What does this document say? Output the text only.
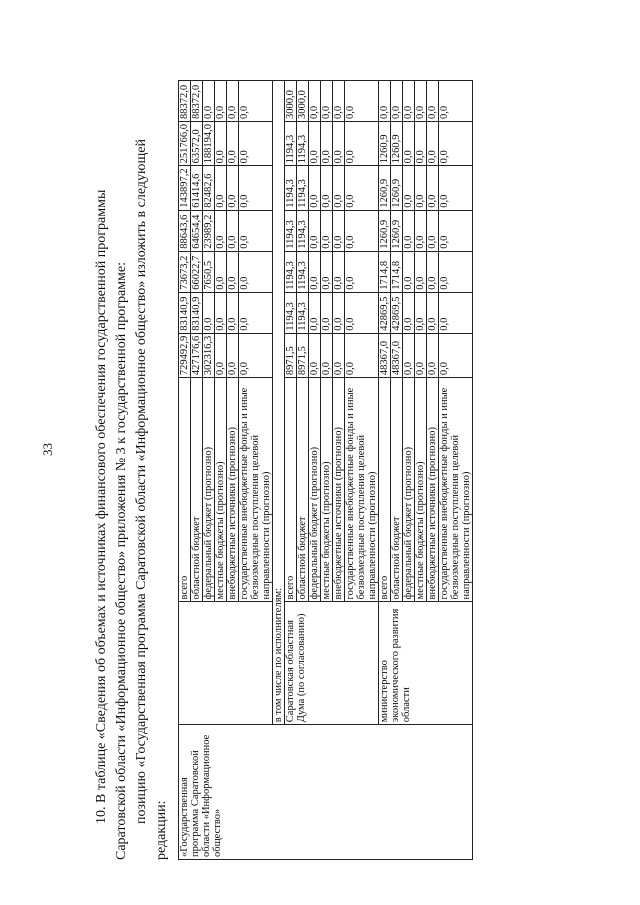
33	10. В таблице «Сведения об объемах и источниках финансового обеспечения государственной программы Саратовской области «Информационное общество» приложения № 3 к государственной программе: позицию «Государственная программа Саратовской области «Информационное общество» изложить в следующей
редакции: «Государственная программа Саратовской области «Информационное общество»		всего	729492,9	83140,9	73673,2	88643,6	143897,2	251766,0	88372,0
		областной бюджет	427176,6	83140,9	66022,7	64654,4	61414,6	63572,0	88372,0
		федеральный бюджет (прогнозно)	302316,3	0,0	7650,5	23989,2	82482,6	188194,0	0,0
		местные бюджеты (прогнозно)	0,0	0,0	0,0	0,0	0,0	0,0	0,0
		внебюджетные источники (прогнозно)	0,0	0,0	0,0	0,0	0,0	0,0	0,0
		государственные внебюджетные фонды и иные безвозмездные поступления целевой направленности (прогнозно)	0,0	0,0	0,0	0,0	0,0	0,0	0,0
	в том числе по исполнителям:								
	Саратовская областная Дума (по согласованию)	всего	8971,5	1194,3	1194,3	1194,3	1194,3	1194,3	3000,0
		областной бюджет	8971,5	1194,3	1194,3	1194,3	1194,3	1194,3	3000,0
		федеральный бюджет (прогнозно)	0,0	0,0	0,0	0,0	0,0	0,0	0,0
		местные бюджеты (прогнозно)	0,0	0,0	0,0	0,0	0,0	0,0	0,0
		внебюджетные источники (прогнозно)	0,0	0,0	0,0	0,0	0,0	0,0	0,0
		государственные внебюджетные фонды и иные безвозмездные поступления целевой направленности (прогнозно)	0,0	0,0	0,0	0,0	0,0	0,0	0,0
	министерство экономического развития области	всего	48367,0	42869,5	1714,8	1260,9	1260,9	1260,9	0,0
		областной бюджет	48367,0	42869,5	1714,8	1260,9	1260,9	1260,9	0,0
		федеральный бюджет (прогнозно)	0,0	0,0	0,0	0,0	0,0	0,0	0,0
		местные бюджеты (прогнозно)	0,0	0,0	0,0	0,0	0,0	0,0	0,0
		внебюджетные источники (прогнозно)	0,0	0,0	0,0	0,0	0,0	0,0	0,0
		государственные внебюджетные фонды и иные безвозмездные поступления целевой направленности (прогнозно)	0,0	0,0	0,0	0,0	0,0	0,0	0,0
